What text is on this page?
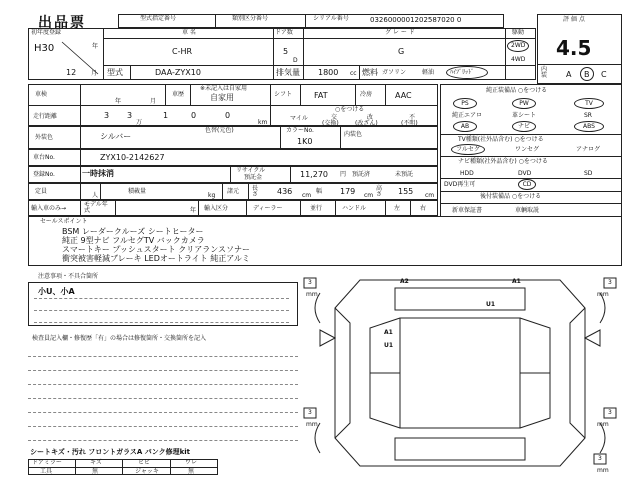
出品票	型式指定番号	類別区分番号	シリアル番号	0326000001202587020 0	評 価 点
4.5
内装 A B C
初年度登録
H30	年
12 月
車 名
C-HR
ドア数
5
D
グ レ ー ド
G
駆動
2WD
4WD
型式	DAA-ZYX10	排気量 1800 cc 燃料 ガソリン	軽油	ﾊｲﾌﾞﾘｯﾄﾞ
車検
年	月
車歴
※未記入は自家用
自家用	シフト	FAT	冷房	AAC
走行距離	3 3
万
1	0	0
km
マイル
○をつける
交
(交換)
改
(改ざん)
不
(不明)
純正装備品 ○をつける
PS	PW	TV
純正エアロ	革シート	SR
AB	ナビ	ABS
TV種類(社外品含む) ○をつける
フルセグ	ワンセグ	アナログ
ナビ種類(社外品含む) ○をつける
HDD	DVD	SD
DVD再生可	CD
後付装備品 ○をつける
新車保証書	車輌取説
外装色	シルバー
色替(元色)	カラーNo.
1K0
内装色
車台No.	ZYX10-2142627
登録No.	一時抹消	リサイクル
預託金	11,270 円 預託済	未預託
定員
人
積載量
kg
諸元 長さ 436 cm
幅 179 cm
高さ 155 cm
輸入車のみ→
モデル年式	年 輸入区分	ディーラー	並行	ハンドル	左	右
セールスポイント
BSM レーダークルーズ シートヒーター
純正 9型ナビ フルセグTV バックカメラ
スマートキー プッシュスタート クリアランスソナー
衝突被害軽減ブレーキ LEDオートライト 純正アルミ
注意事項・不具合箇所
小U、小A
検査員記入欄・修復歴「有」の場合は修復箇所・交換箇所を記入
シートキズ・汚れ フロントガラスA パンク修理kit
ドアミラー	キズ	ヒビ	ワレ
工具	無	ジャッキ	無
A2	A1
U1
A1
U1
3
mm
3
mm
3
mm
3
mm
3
mm
